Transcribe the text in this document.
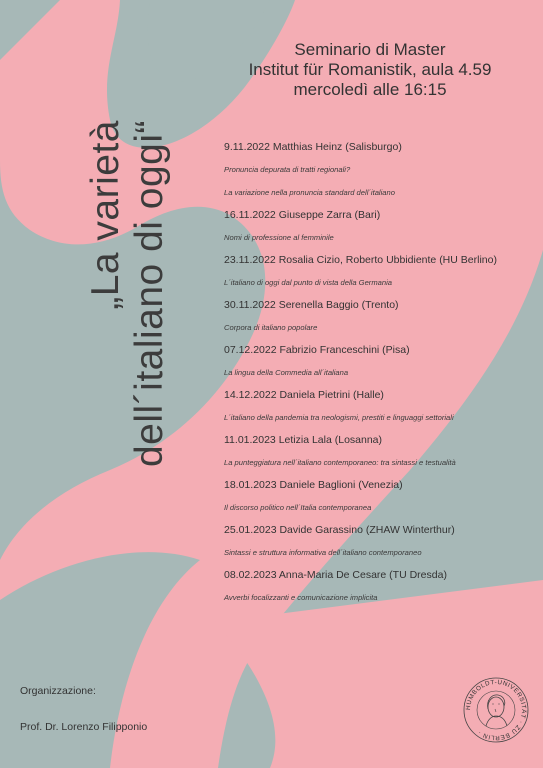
Seminario di Master
Institut für Romanistik, aula 4.59
mercoledì alle 16:15
„La varietà dell´italiano di oggi“	9.11.2022 Matthias Heinz (Salisburgo)
Pronuncia depurata di tratti regionali?
La variazione nella pronuncia standard dell´italiano
16.11.2022 Giuseppe Zarra (Bari)
Nomi di professione al femminile
23.11.2022 Rosalia Cizio, Roberto Ubbidiente (HU Berlino)
L´italiano di oggi dal punto di vista della Germania
30.11.2022 Serenella Baggio (Trento)
Corpora di italiano popolare
07.12.2022 Fabrizio Franceschini (Pisa)
La lingua della Commedia all´italiana
14.12.2022 Daniela Pietrini (Halle)
L´italiano della pandemia tra neologismi, prestiti e linguaggi settoriali
11.01.2023 Letizia Lala (Losanna)
La punteggiatura nell´italiano contemporaneo: tra sintassi e testualità
18.01.2023 Daniele Baglioni (Venezia)
Il discorso politico nell´Italia contemporanea
25.01.2023 Davide Garassino (ZHAW Winterthur)
Sintassi e struttura informativa dell´italiano contemporaneo
08.02.2023 Anna-Maria De Cesare (TU Dresda)
Avverbi focalizzanti e comunicazione implicita
Organizzazione:
Prof. Dr. Lorenzo Filipponio
HUMBOLDT-UNIVERSITÄT · ZU BERLIN ·
